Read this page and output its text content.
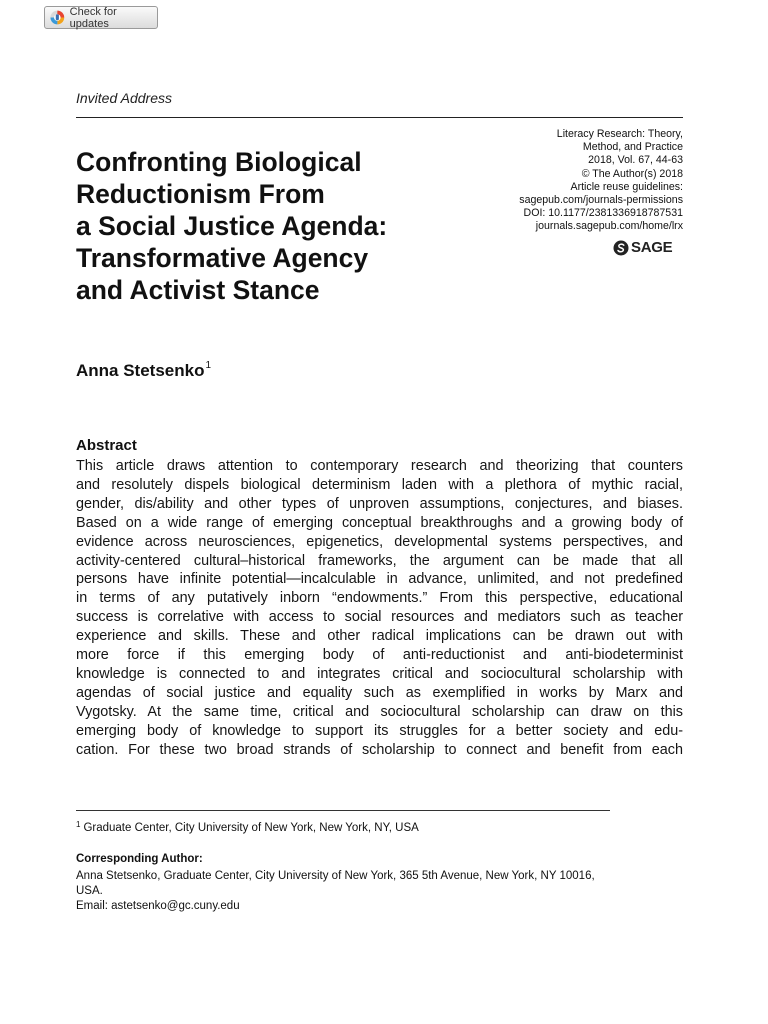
Check for updates
Invited Address
Confronting Biological
Reductionism From
a Social Justice Agenda:
Transformative Agency
and Activist Stance
Literacy Research: Theory,
Method, and Practice
2018, Vol. 67, 44-63
© The Author(s) 2018
Article reuse guidelines:
sagepub.com/journals-permissions
DOI: 10.1177/2381336918787531
journals.sagepub.com/home/lrx
SAGE
Anna Stetsenko$^1$
Abstract
This article draws attention to contemporary research and theorizing that counters
and resolutely dispels biological determinism laden with a plethora of mythic racial,
gender, dis/ability and other types of unproven assumptions, conjectures, and biases.
Based on a wide range of emerging conceptual breakthroughs and a growing body of
evidence across neurosciences, epigenetics, developmental systems perspectives, and
activity-centered cultural–historical frameworks, the argument can be made that all
persons have infinite potential—incalculable in advance, unlimited, and not predefined
in terms of any putatively inborn “endowments.” From this perspective, educational
success is correlative with access to social resources and mediators such as teacher
experience and skills. These and other radical implications can be drawn out with
more force if this emerging body of anti-reductionist and anti-biodeterminist
knowledge is connected to and integrates critical and sociocultural scholarship with
agendas of social justice and equality such as exemplified in works by Marx and
Vygotsky. At the same time, critical and sociocultural scholarship can draw on this
emerging body of knowledge to support its struggles for a better society and edu-
cation. For these two broad strands of scholarship to connect and benefit from each
$^1$ Graduate Center, City University of New York, New York, NY, USA
Corresponding Author:
Anna Stetsenko, Graduate Center, City University of New York, 365 5th Avenue, New York, NY 10016,
USA.
Email: astetsenko@gc.cuny.edu
